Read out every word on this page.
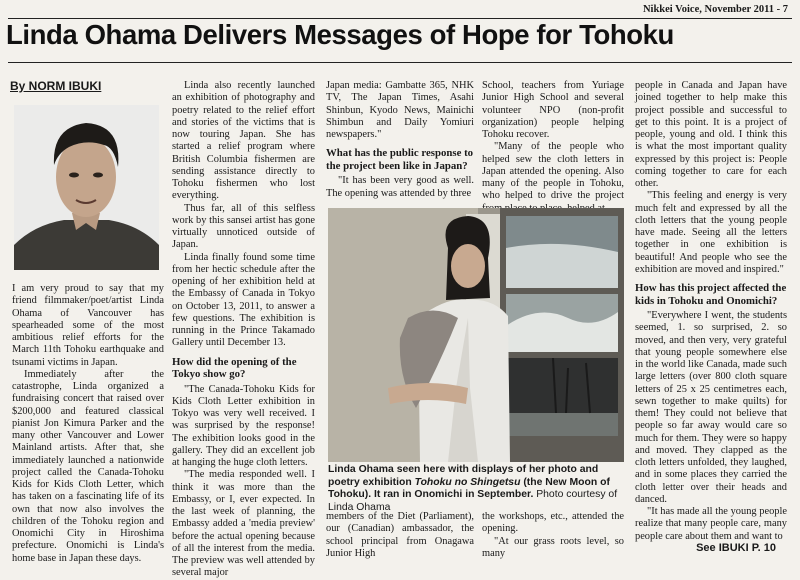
Nikkei Voice, November 2011 - 7
Linda Ohama Delivers Messages of Hope for Tohoku
By NORM IBUKI

I am very proud to say that my friend filmmaker/poet/artist Linda Ohama of Vancouver has spearheaded some of the most ambitious relief efforts for the March 11th Tohoku earthquake and tsunami victims in Japan.

Immediately after the catastrophe, Linda organized a fundraising concert that raised over $200,000 and featured classical pianist Jon Kimura Parker and the many other Vancouver and Lower Mainland artists. After that, she immediately launched a nationwide project called the Canada-Tohoku Kids for Kids Cloth Letter, which has taken on a fascinating life of its own that now also involves the children of the Tohoku region and Onomichi City in Hiroshima prefecture. Onomichi is Linda's home base in Japan these days.

Linda also recently launched an exhibition of photography and poetry related to the relief effort and stories of the victims that is now touring Japan. She has started a relief program where British Columbia fishermen are sending assistance directly to Tohoku fishermen who lost everything.

Thus far, all of this selfless work by this sansei artist has gone virtually unnoticed outside of Japan.

Linda finally found some time from her hectic schedule after the opening of her exhibition held at the Embassy of Canada in Tokyo on October 13, 2011, to answer a few questions. The exhibition is running in the Prince Takamado Gallery until December 13.

How did the opening of the Tokyo show go?

"The Canada-Tohoku Kids for Kids Cloth Letter exhibition in Tokyo was very well received. I was surprised by the response! The exhibition looks good in the gallery. They did an excellent job at hanging the huge cloth letters.

"The media responded well. I think it was more than the Embassy, or I, ever expected. In the last week of planning, the Embassy added a 'media preview' before the actual opening because of all the interest from the media. The preview was well attended by several major

Japan media: Gambatte 365, NHK TV, The Japan Times, Asahi Shinbun, Kyodo News, Mainichi Shimbun and Daily Yomiuri newspapers."

What has the public response to the project been like in Japan?

"It has been very good as well. The opening was attended by three

School, teachers from Yuriage Junior High School and several volunteer NPO (non-profit organization) people helping Tohoku recover.

"Many of the people who helped sew the cloth letters in Japan attended the opening. Also many of the people in Tohoku, who helped to drive the project

Linda Ohama seen here with displays of her photo and poetry exhibition Tohoku no Shingetsu (the New Moon of Tohoku). It ran in Onomichi in September. Photo courtesy of Linda Ohama

members of the Diet (Parliament), our (Canadian) ambassador, the school principal from Onagawa Junior High

the workshops, etc., attended the opening.

"At our grass roots level, so many

people in Canada and Japan have joined together to help make this project possible and successful to get to this point. It is a project of people, young and old. I think this is what the most important quality expressed by this project is: People coming together to care for each other.

"This feeling and energy is very much felt and expressed by all the cloth letters that the young people have made. Seeing all the letters together in one exhibition is beautiful! And people who see the exhibition are moved and inspired."

How has this project affected the kids in Tohoku and Onomichi?

"Everywhere I went, the students seemed, 1. so surprised, 2. so moved, and then very, very grateful that young people somewhere else in the world like Canada, made such large letters (over 800 cloth square letters of 25 x 25 centimetres each, sewn together to make quilts) for them! They could not believe that people so far away would care so much for them. They were so happy and moved. They clapped as the cloth letters unfolded, they laughed, and in some places they carried the cloth letter over their heads and danced.

"It has made all the young people realize that many people care, many people care about them and want to

See IBUKI P. 10
